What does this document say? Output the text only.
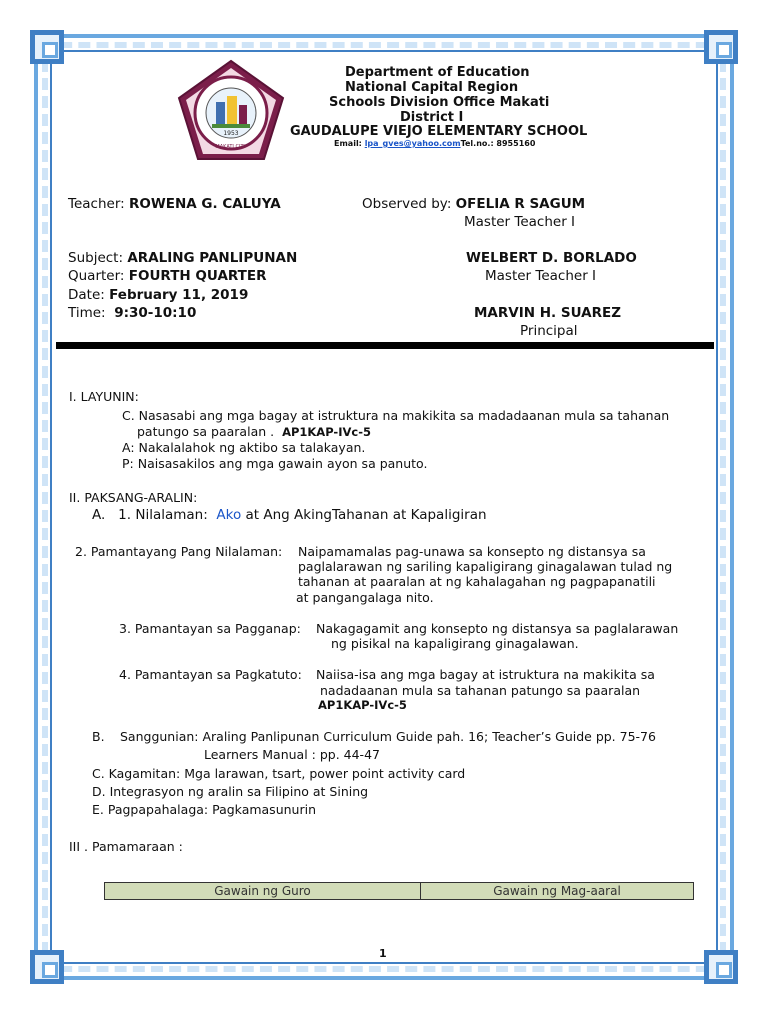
1953
MAKATI CITY
Department of Education
National Capital Region
Schools Division Office Makati
District I
GAUDALUPE VIEJO ELEMENTARY SCHOOL
Email: lpa_gves@yahoo.comTel.no.: 8955160
Teacher: ROWENA G. CALUYA	Observed by: OFELIA R SAGUM
Master Teacher I
Subject: ARALING PANLIPUNAN	WELBERT D. BORLADO
Quarter: FOURTH QUARTER	Master Teacher I
Date: February 11, 2019
Time: 9:30-10:10	MARVIN H. SUAREZ
Principal
I. LAYUNIN:
C. Nasasabi ang mga bagay at istruktura na makikita sa madadaanan mula sa tahanan
patungo sa paaralan . AP1KAP-IVc-5
A: Nakalalahok ng aktibo sa talakayan.
P: Naisasakilos ang mga gawain ayon sa panuto.
II. PAKSANG-ARALIN:
A. 1. Nilalaman: Ako at Ang AkingTahanan at Kapaligiran
2. Pamantayang Pang Nilalaman: Naipamamalas pag-unawa sa konsepto ng distansya sa
paglalarawan ng sariling kapaligirang ginagalawan tulad ng
tahanan at paaralan at ng kahalagahan ng pagpapanatili
at pangangalaga nito.
3. Pamantayan sa Pagganap: Nakagagamit ang konsepto ng distansya sa paglalarawan
ng pisikal na kapaligirang ginagalawan.
4. Pamantayan sa Pagkatuto: Naiisa-isa ang mga bagay at istruktura na makikita sa
nadadaanan mula sa tahanan patungo sa paaralan
AP1KAP-IVc-5
B. Sanggunian: Araling Panlipunan Curriculum Guide pah. 16; Teacher’s Guide pp. 75-76
Learners Manual : pp. 44-47
C. Kagamitan: Mga larawan, tsart, power point activity card
D. Integrasyon ng aralin sa Filipino at Sining
E. Pagpapahalaga: Pagkamasunurin
III . Pamamaraan :
Gawain ng Guro	Gawain ng Mag-aaral
1
